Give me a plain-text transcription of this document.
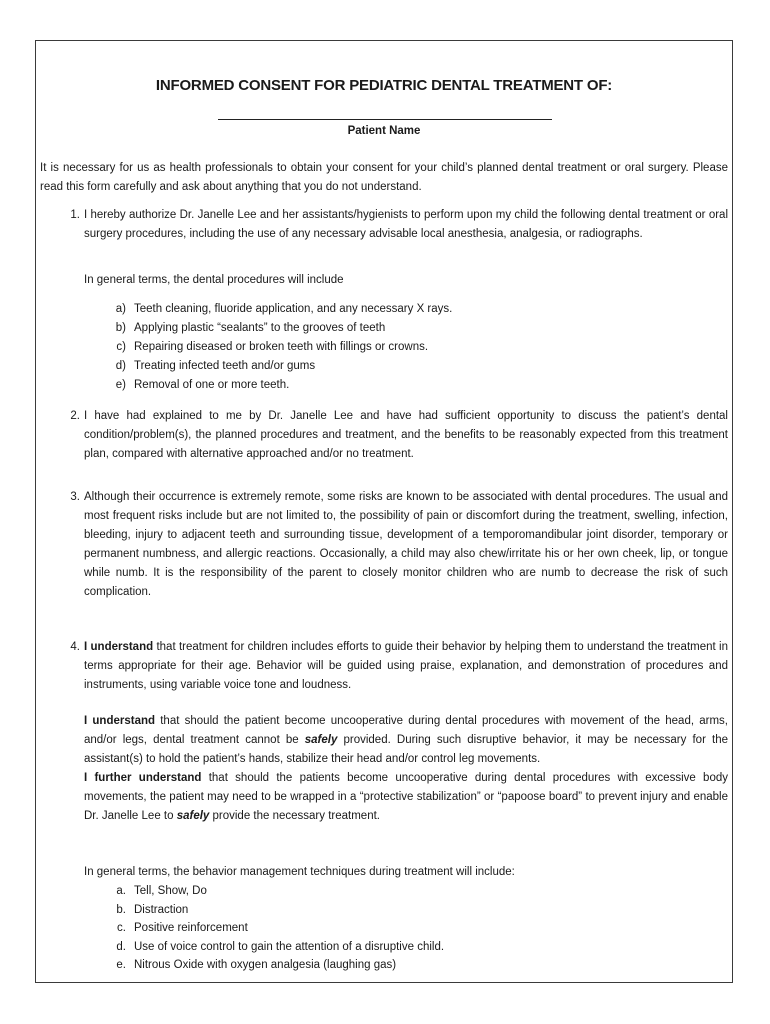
INFORMED CONSENT FOR PEDIATRIC DENTAL TREATMENT OF:
Patient Name

It is necessary for us as health professionals to obtain your consent for your child’s planned dental treatment or oral surgery. Please read this form carefully and ask about anything that you do not understand.

1. I hereby authorize Dr. Janelle Lee and her assistants/hygienists to perform upon my child the following dental treatment or oral surgery procedures, including the use of any necessary advisable local anesthesia, analgesia, or radiographs.

In general terms, the dental procedures will include

a) Teeth cleaning, fluoride application, and any necessary X rays.
b) Applying plastic “sealants” to the grooves of teeth
c) Repairing diseased or broken teeth with fillings or crowns.
d) Treating infected teeth and/or gums
e) Removal of one or more teeth.
2. I have had explained to me by Dr. Janelle Lee and have had sufficient opportunity to discuss the patient’s dental condition/problem(s), the planned procedures and treatment, and the benefits to be reasonably expected from this treatment plan, compared with alternative approached and/or no treatment.

3. Although their occurrence is extremely remote, some risks are known to be associated with dental procedures. The usual and most frequent risks include but are not limited to, the possibility of pain or discomfort during the treatment, swelling, infection, bleeding, injury to adjacent teeth and surrounding tissue, development of a temporomandibular joint disorder, temporary or permanent numbness, and allergic reactions. Occasionally, a child may also chew/irritate his or her own cheek, lip, or tongue while numb. It is the responsibility of the parent to closely monitor children who are numb to decrease the risk of such complication.

4. I understand that treatment for children includes efforts to guide their behavior by helping them to understand the treatment in terms appropriate for their age. Behavior will be guided using praise, explanation, and demonstration of procedures and instruments, using variable voice tone and loudness.

I understand that should the patient become uncooperative during dental procedures with movement of the head, arms, and/or legs, dental treatment cannot be safely provided. During such disruptive behavior, it may be necessary for the assistant(s) to hold the patient’s hands, stabilize their head and/or control leg movements.

I further understand that should the patients become uncooperative during dental procedures with excessive body movements, the patient may need to be wrapped in a “protective stabilization” or “papoose board” to prevent injury and enable Dr. Janelle Lee to safely provide the necessary treatment.

In general terms, the behavior management techniques during treatment will include:

a. Tell, Show, Do
b. Distraction
c. Positive reinforcement
d. Use of voice control to gain the attention of a disruptive child.
e. Nitrous Oxide with oxygen analgesia (laughing gas)
